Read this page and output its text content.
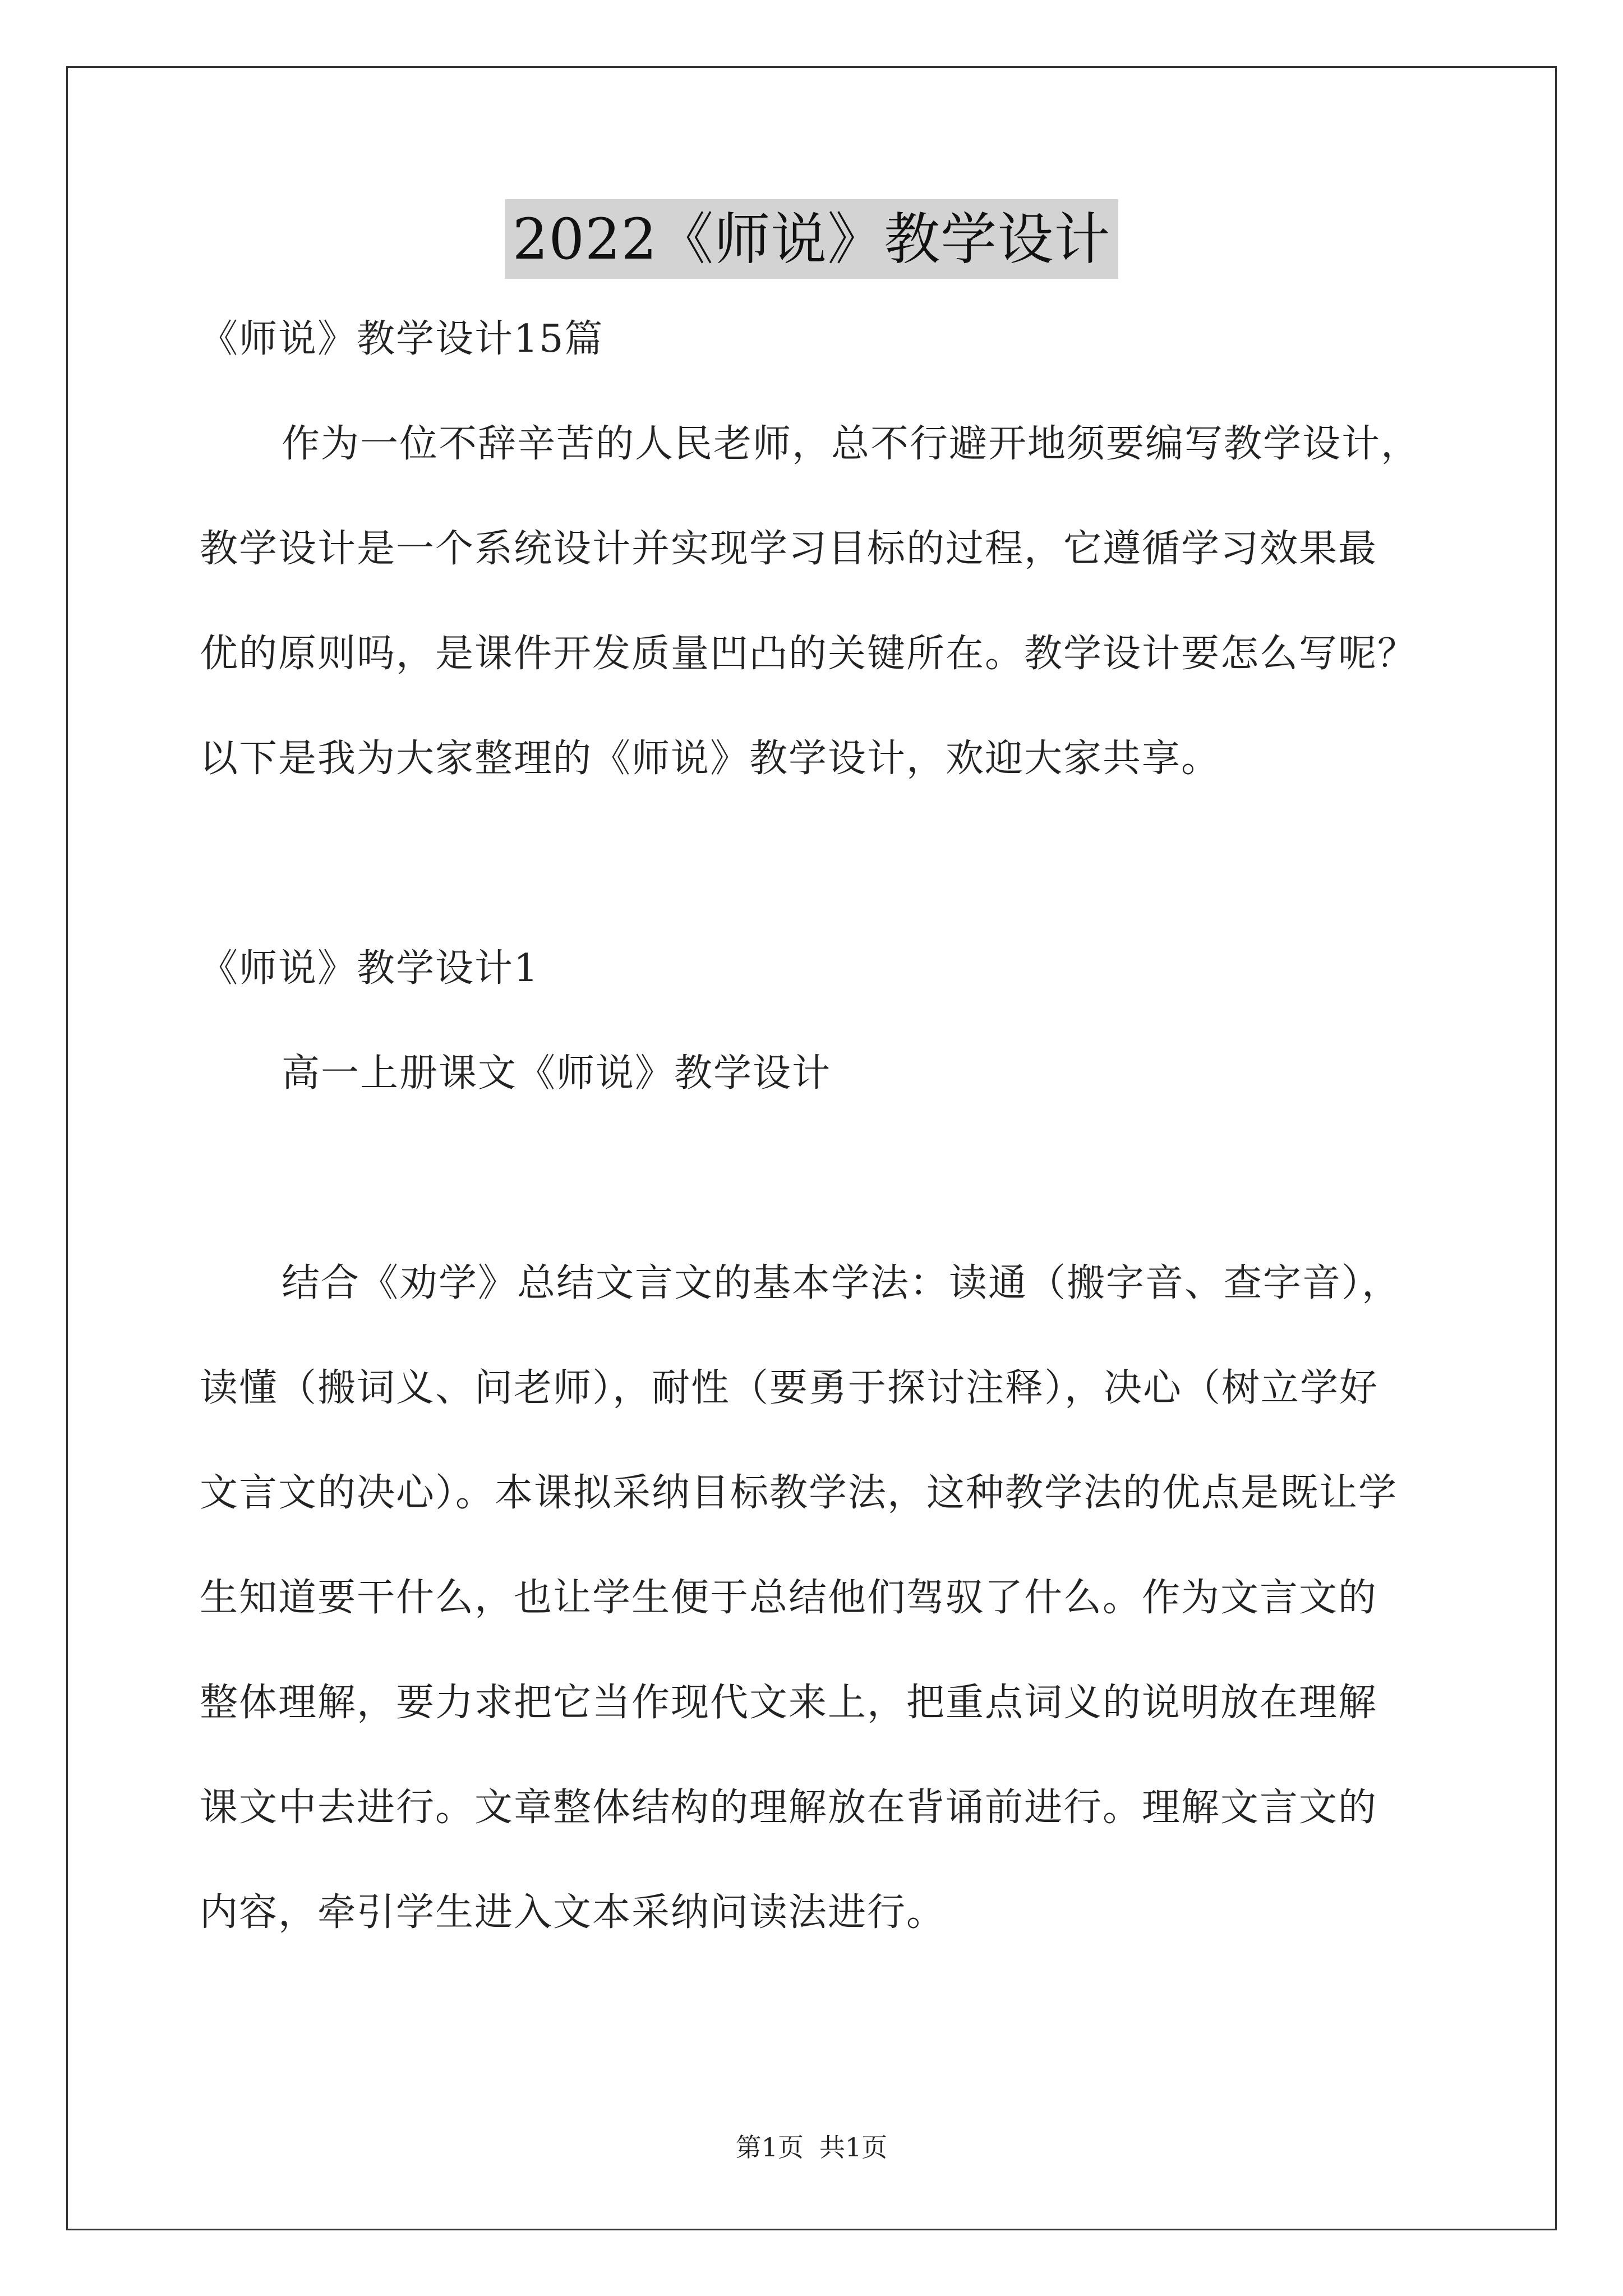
2022《师说》教学设计
《师说》教学设计15篇
作为一位不辞辛苦的人民老师，总不行避开地须要编写教学设计，
教学设计是一个系统设计并实现学习目标的过程，它遵循学习效果最
优的原则吗，是课件开发质量凹凸的关键所在。教学设计要怎么写呢？
以下是我为大家整理的《师说》教学设计，欢迎大家共享。
《师说》教学设计1
高一上册课文《师说》教学设计
结合《劝学》总结文言文的基本学法：读通（搬字音、查字音），
读懂（搬词义、问老师），耐性（要勇于探讨注释），决心（树立学好
文言文的决心）。本课拟采纳目标教学法，这种教学法的优点是既让学
生知道要干什么，也让学生便于总结他们驾驭了什么。作为文言文的
整体理解，要力求把它当作现代文来上，把重点词义的说明放在理解
课文中去进行。文章整体结构的理解放在背诵前进行。理解文言文的
内容，牵引学生进入文本采纳问读法进行。
第1页 共1页
